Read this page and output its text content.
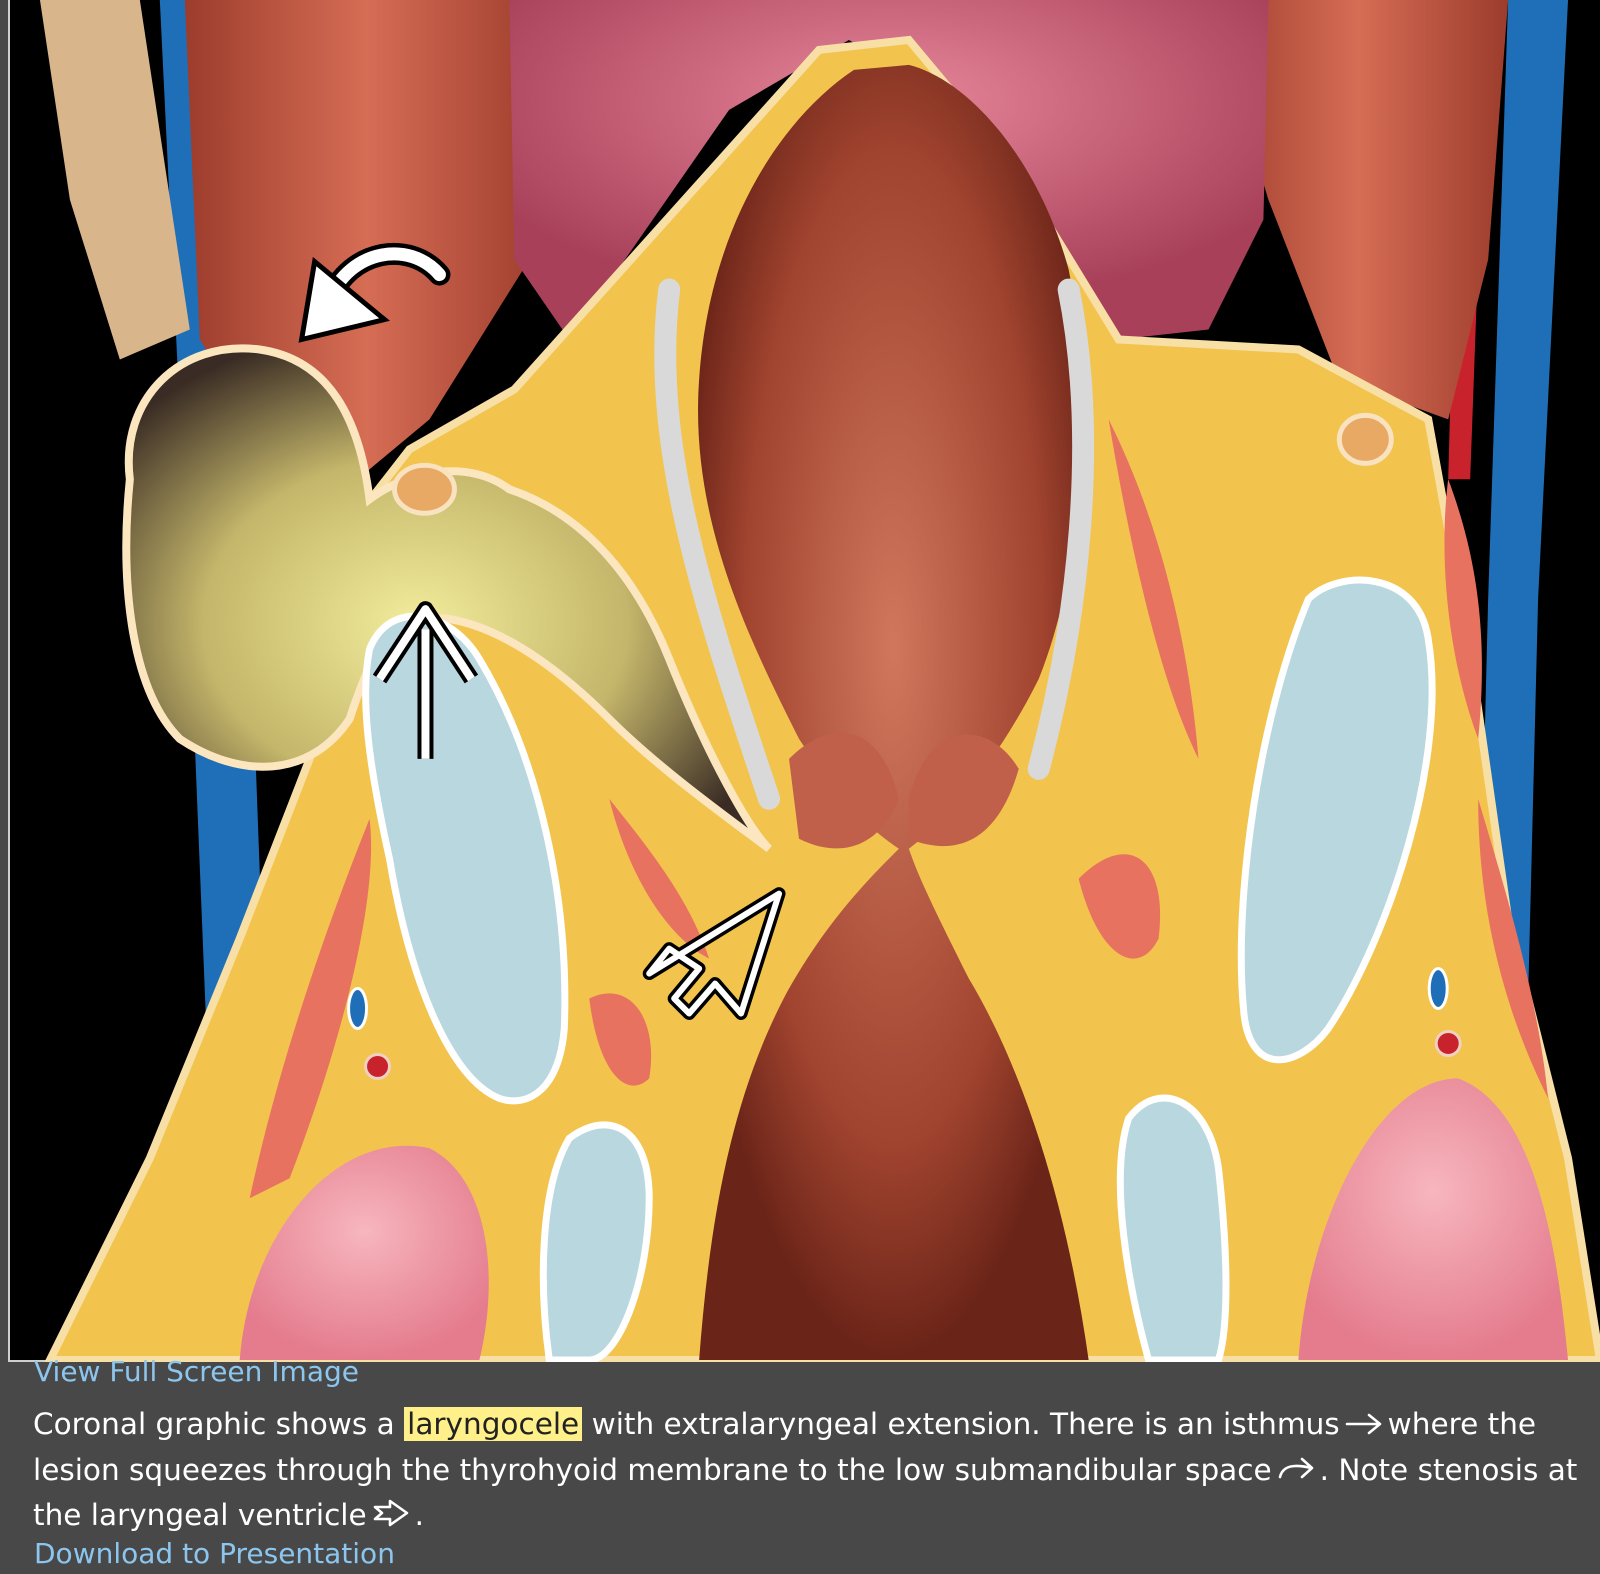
View Full Screen Image

Coronal graphic shows a laryngocele with extralaryngeal extension. There is an isthmus where the lesion squeezes through the thyrohyoid membrane to the low submandibular space . Note stenosis at the laryngeal ventricle .

Download to Presentation
